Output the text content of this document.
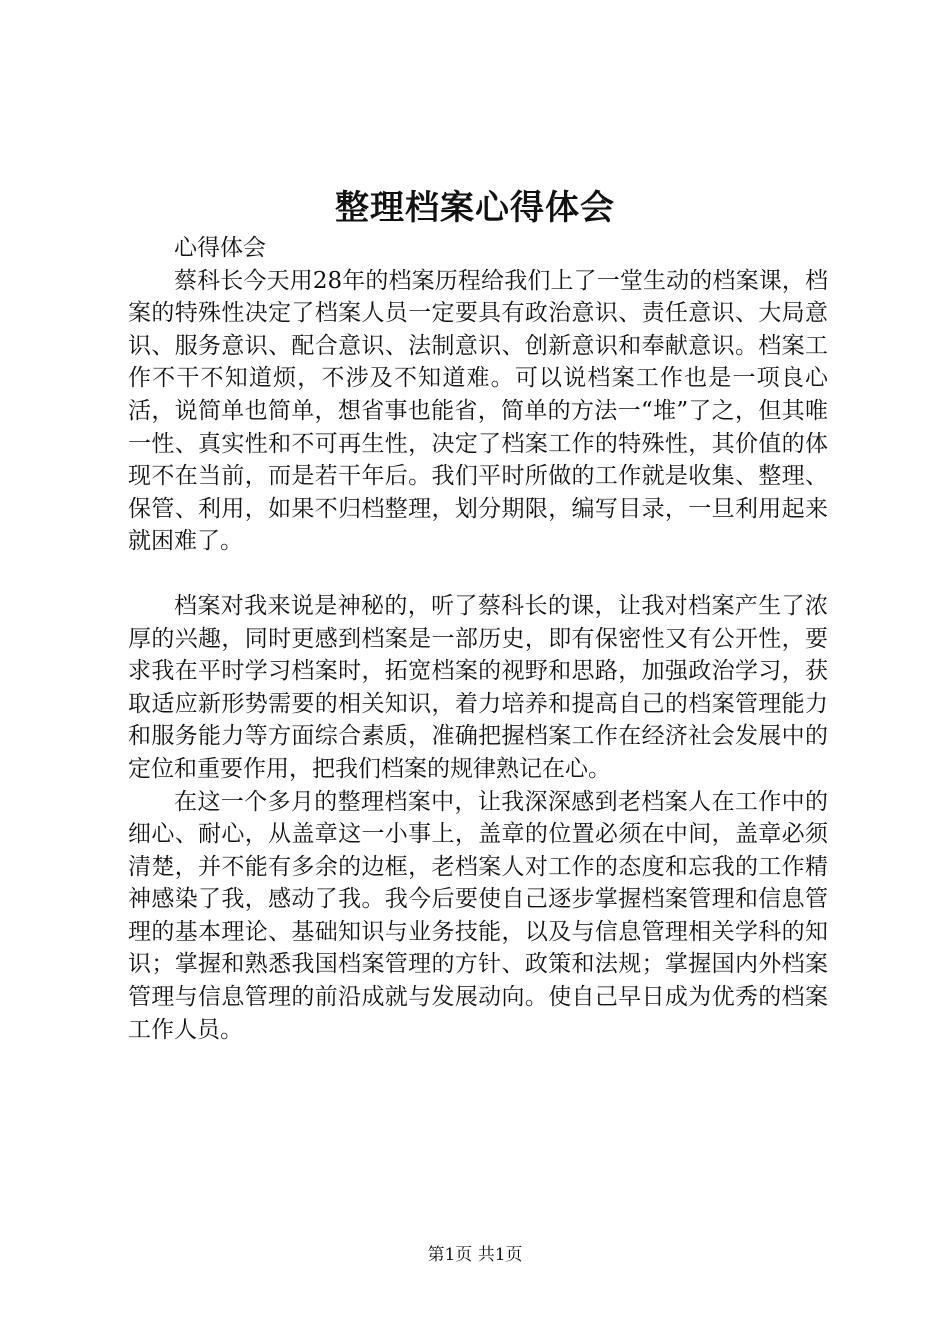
整理档案心得体会

心得体会

蔡科长今天用28年的档案历程给我们上了一堂生动的档案课，档案的特殊性决定了档案人员一定要具有政治意识、责任意识、大局意识、服务意识、配合意识、法制意识、创新意识和奉献意识。档案工作不干不知道烦，不涉及不知道难。可以说档案工作也是一项良心活，说简单也简单，想省事也能省，简单的方法一“堆”了之，但其唯一性、真实性和不可再生性，决定了档案工作的特殊性，其价值的体现不在当前，而是若干年后。我们平时所做的工作就是收集、整理、保管、利用，如果不归档整理，划分期限，编写目录，一旦利用起来就困难了。

档案对我来说是神秘的，听了蔡科长的课，让我对档案产生了浓厚的兴趣，同时更感到档案是一部历史，即有保密性又有公开性，要求我在平时学习档案时，拓宽档案的视野和思路，加强政治学习，获取适应新形势需要的相关知识，着力培养和提高自己的档案管理能力和服务能力等方面综合素质，准确把握档案工作在经济社会发展中的定位和重要作用，把我们档案的规律熟记在心。

在这一个多月的整理档案中，让我深深感到老档案人在工作中的细心、耐心，从盖章这一小事上，盖章的位置必须在中间，盖章必须清楚，并不能有多余的边框，老档案人对工作的态度和忘我的工作精神感染了我，感动了我。我今后要使自己逐步掌握档案管理和信息管理的基本理论、基础知识与业务技能，以及与信息管理相关学科的知识；掌握和熟悉我国档案管理的方针、政策和法规；掌握国内外档案管理与信息管理的前沿成就与发展动向。使自己早日成为优秀的档案工作人员。

第1页 共1页
